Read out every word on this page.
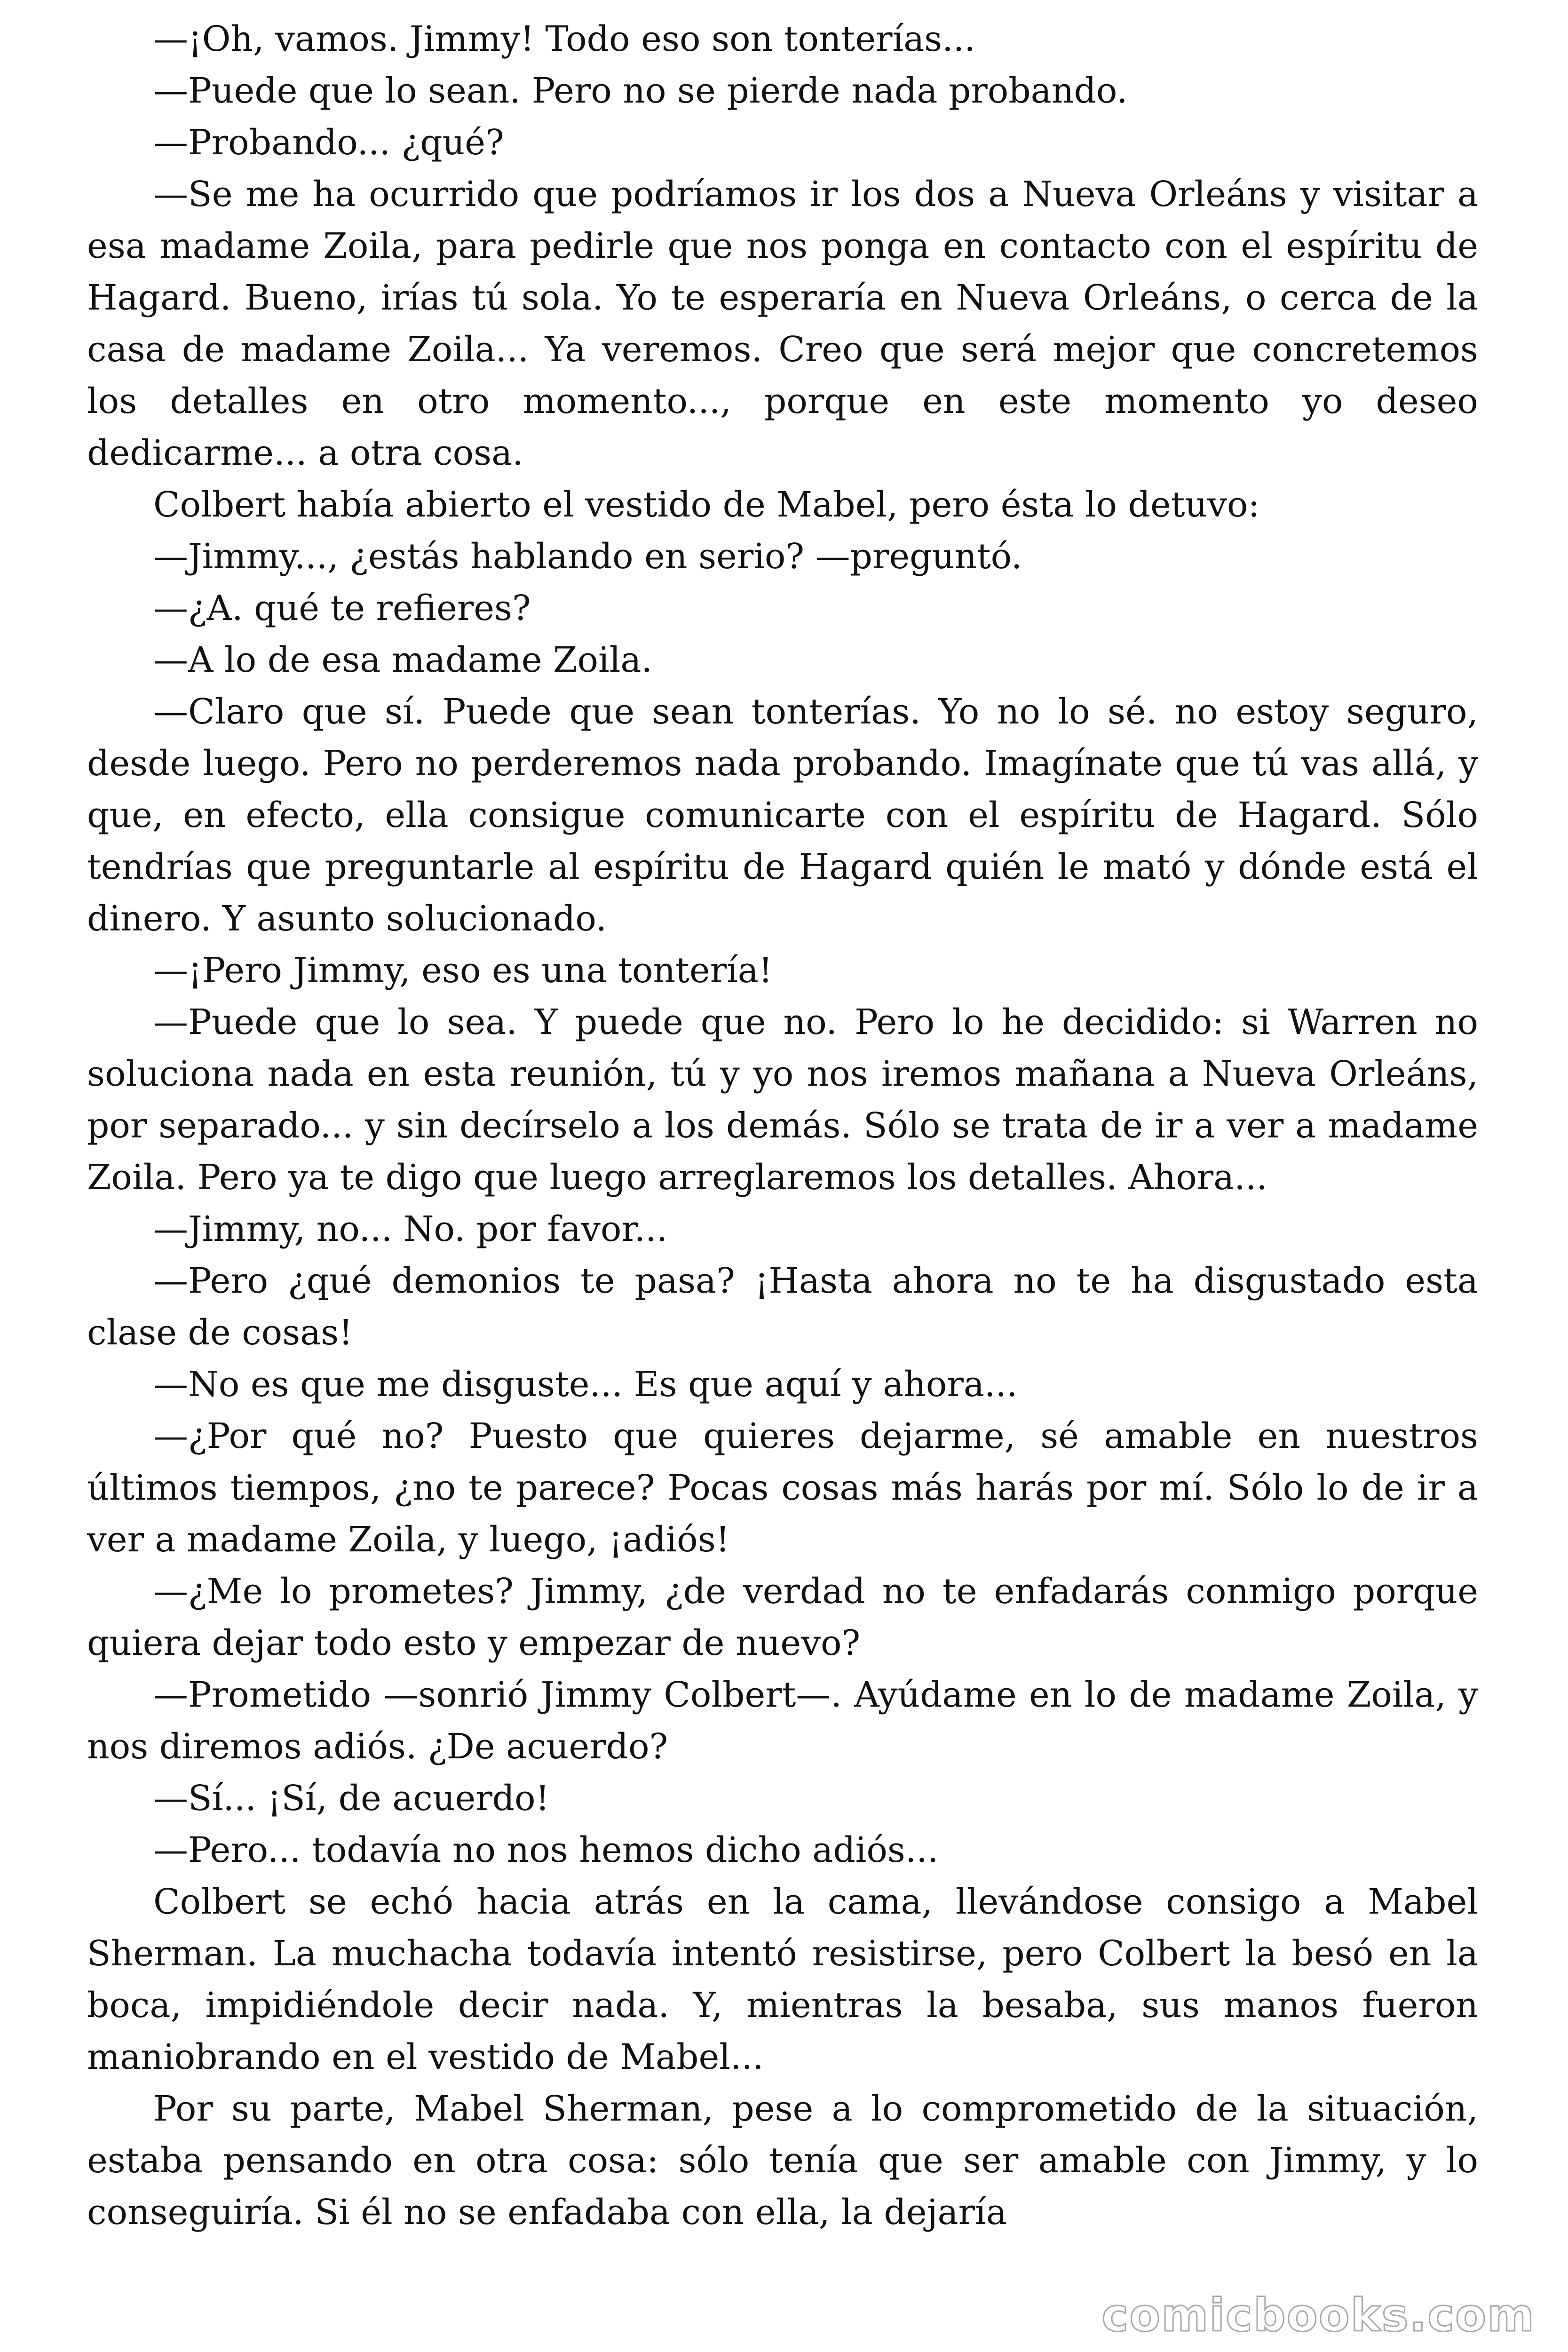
—¡Oh, vamos. Jimmy! Todo eso son tonterías...

—Puede que lo sean. Pero no se pierde nada probando.

—Probando... ¿qué?

—Se me ha ocurrido que podríamos ir los dos a Nueva Orleáns y visitar a esa madame Zoila, para pedirle que nos ponga en contacto con el espíritu de Hagard. Bueno, irías tú sola. Yo te esperaría en Nueva Orleáns, o cerca de la casa de madame Zoila... Ya veremos. Creo que será mejor que concretemos los detalles en otro momento..., porque en este momento yo deseo dedicarme... a otra cosa.

Colbert había abierto el vestido de Mabel, pero ésta lo detuvo:

—Jimmy..., ¿estás hablando en serio? —preguntó.

—¿A. qué te refieres?

—A lo de esa madame Zoila.

—Claro que sí. Puede que sean tonterías. Yo no lo sé. no estoy seguro, desde luego. Pero no perderemos nada probando. Imagínate que tú vas allá, y que, en efecto, ella consigue comunicarte con el espíritu de Hagard. Sólo tendrías que preguntarle al espíritu de Hagard quién le mató y dónde está el dinero. Y asunto solucionado.

—¡Pero Jimmy, eso es una tontería!

—Puede que lo sea. Y puede que no. Pero lo he decidido: si Warren no soluciona nada en esta reunión, tú y yo nos iremos mañana a Nueva Orleáns, por separado... y sin decírselo a los demás. Sólo se trata de ir a ver a madame Zoila. Pero ya te digo que luego arreglaremos los detalles. Ahora...

—Jimmy, no... No. por favor...

—Pero ¿qué demonios te pasa? ¡Hasta ahora no te ha disgustado esta clase de cosas!

—No es que me disguste... Es que aquí y ahora...

—¿Por qué no? Puesto que quieres dejarme, sé amable en nuestros últimos tiempos, ¿no te parece? Pocas cosas más harás por mí. Sólo lo de ir a ver a madame Zoila, y luego, ¡adiós!

—¿Me lo prometes? Jimmy, ¿de verdad no te enfadarás conmigo porque quiera dejar todo esto y empezar de nuevo?

—Prometido —sonrió Jimmy Colbert—. Ayúdame en lo de madame Zoila, y nos diremos adiós. ¿De acuerdo?

—Sí... ¡Sí, de acuerdo!

—Pero... todavía no nos hemos dicho adiós...

Colbert se echó hacia atrás en la cama, llevándose consigo a Mabel Sherman. La muchacha todavía intentó resistirse, pero Colbert la besó en la boca, impidiéndole decir nada. Y, mientras la besaba, sus manos fueron maniobrando en el vestido de Mabel...

Por su parte, Mabel Sherman, pese a lo comprometido de la situación, estaba pensando en otra cosa: sólo tenía que ser amable con Jimmy, y lo conseguiría. Si él no se enfadaba con ella, la dejaría

comicbooks.com
